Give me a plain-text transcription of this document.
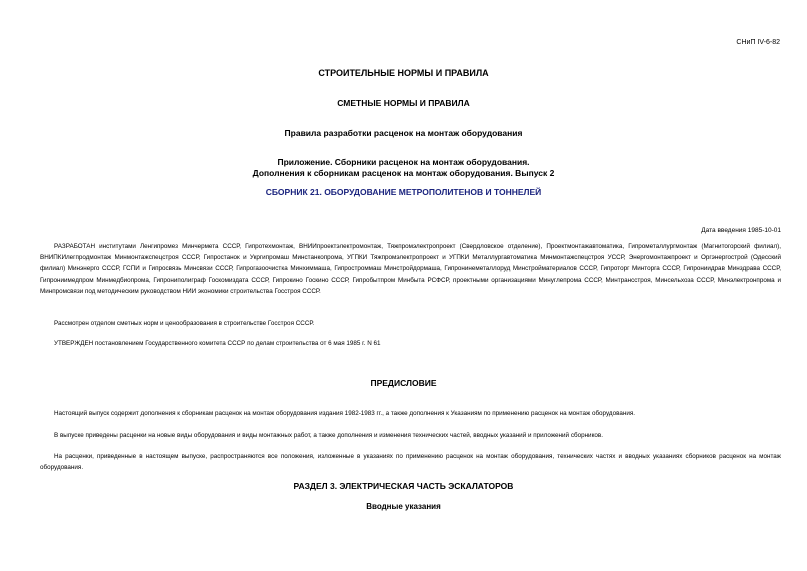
СНиП IV-6-82
СТРОИТЕЛЬНЫЕ НОРМЫ И ПРАВИЛА
СМЕТНЫЕ НОРМЫ И ПРАВИЛА
Правила разработки расценок на монтаж оборудования
Приложение. Сборники расценок на монтаж оборудования.
Дополнения к сборникам расценок на монтаж оборудования. Выпуск 2
СБОРНИК 21. ОБОРУДОВАНИЕ МЕТРОПОЛИТЕНОВ И ТОННЕЛЕЙ
Дата введения 1985-10-01
РАЗРАБОТАН институтами Ленгипромез Минчермета СССР, Гипротехмонтаж, ВНИИпроектэлектромонтаж, Тяжпромэлектропроект (Свердловское отделение), Проектмонтажавтоматика, Гипрометаллургмонтаж (Магнитогорский филиал), ВНИПКИлегпродмонтаж Минмонтажспецстроя СССР, Гипростанок и Укргипромаш Минстанкопрома, УГПКИ Тяжпромэлектропроект и УГПКИ Металлургавтоматика Минмонтажспецстроя УССР, Энергомонтажпроект и Оргэнергострой (Одесский филиал) Минэнерго СССР, ГСПИ и Гипросвязь Минсвязи СССР, Гипрогазоочистка Минхиммаша, Гипростроммаш Минстройдормаша, Гипронинеметаллоруд Минстройматериалов СССР, Гипроторг Минторга СССР, Гипрониидрав Минздрава СССР, Гипрониимедпром Минмедбиопрома, Гипрониполиграф Госкомиздата СССР, Гипрокино Госкино СССР, Гипробытпром Минбыта РСФСР, проектными организациями Минуглепрома СССР, Минтрансстроя, Минсельхоза СССР, Минэлектронпрома и Минпромсвязи под методическим руководством НИИ экономики строительства Госстроя СССР.
Рассмотрен отделом сметных норм и ценообразования в строительстве Госстроя СССР.
УТВЕРЖДЕН постановлением Государственного комитета СССР по делам строительства от 6 мая 1985 г. N 61
ПРЕДИСЛОВИЕ
Настоящий выпуск содержит дополнения к сборникам расценок на монтаж оборудования издания 1982-1983 гг., а также дополнения к Указаниям по применению расценок на монтаж оборудования.
В выпуске приведены расценки на новые виды оборудования и виды монтажных работ, а также дополнения и изменения технических частей, вводных указаний и приложений сборников.
На расценки, приведенные в настоящем выпуске, распространяются все положения, изложенные в указаниях по применению расценок на монтаж оборудования, технических частях и вводных указаниях сборников расценок на монтаж оборудования.
РАЗДЕЛ 3. ЭЛЕКТРИЧЕСКАЯ ЧАСТЬ ЭСКАЛАТОРОВ
Вводные указания
